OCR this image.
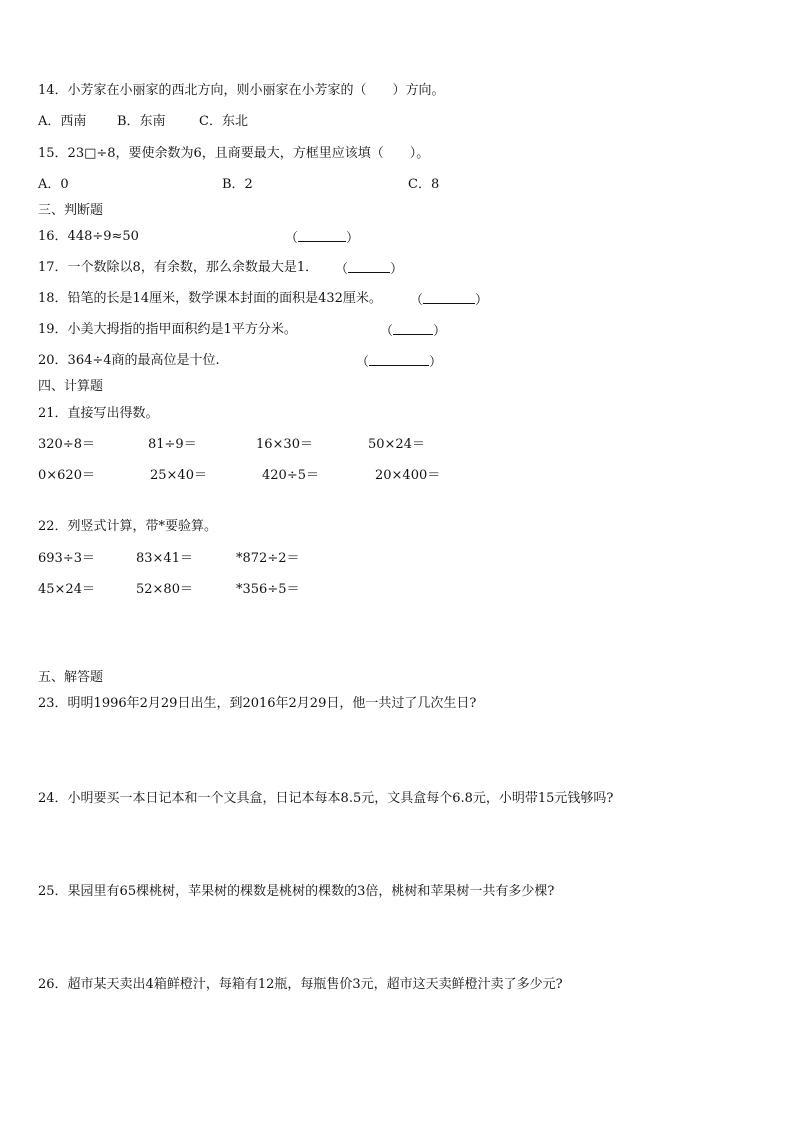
14．小芳家在小丽家的西北方向，则小丽家在小芳家的（　　）方向。
A．西南 B．东南	C．东北
15．23□÷8，要使余数为6，且商要最大，方框里应该填（　　）。
A．0	B．2	C．8
三、判断题
16．448÷9≈50	（	）
17．一个数除以8，有余数，那么余数最大是1． （	）
18．铅笔的长是14厘米，数学课本封面的面积是432厘米。 （	）
19．小美大拇指的指甲面积约是1平方分米。	（	）
20．364÷4商的最高位是十位.	（	）
四、计算题
21．直接写出得数。
320÷8＝	81÷9＝	16×30＝	50×24＝
0×620＝	25×40＝	420÷5＝	20×400＝
22．列竖式计算，带*要验算。
693÷3＝	83×41＝	*872÷2＝
45×24＝	52×80＝	*356÷5＝
五、解答题
23．明明1996年2月29日出生，到2016年2月29日，他一共过了几次生日?
24．小明要买一本日记本和一个文具盒，日记本每本8.5元，文具盒每个6.8元，小明带15元钱够吗?
25．果园里有65棵桃树，苹果树的棵数是桃树的棵数的3倍，桃树和苹果树一共有多少棵?
26．超市某天卖出4箱鲜橙汁，每箱有12瓶，每瓶售价3元，超市这天卖鲜橙汁卖了多少元?
